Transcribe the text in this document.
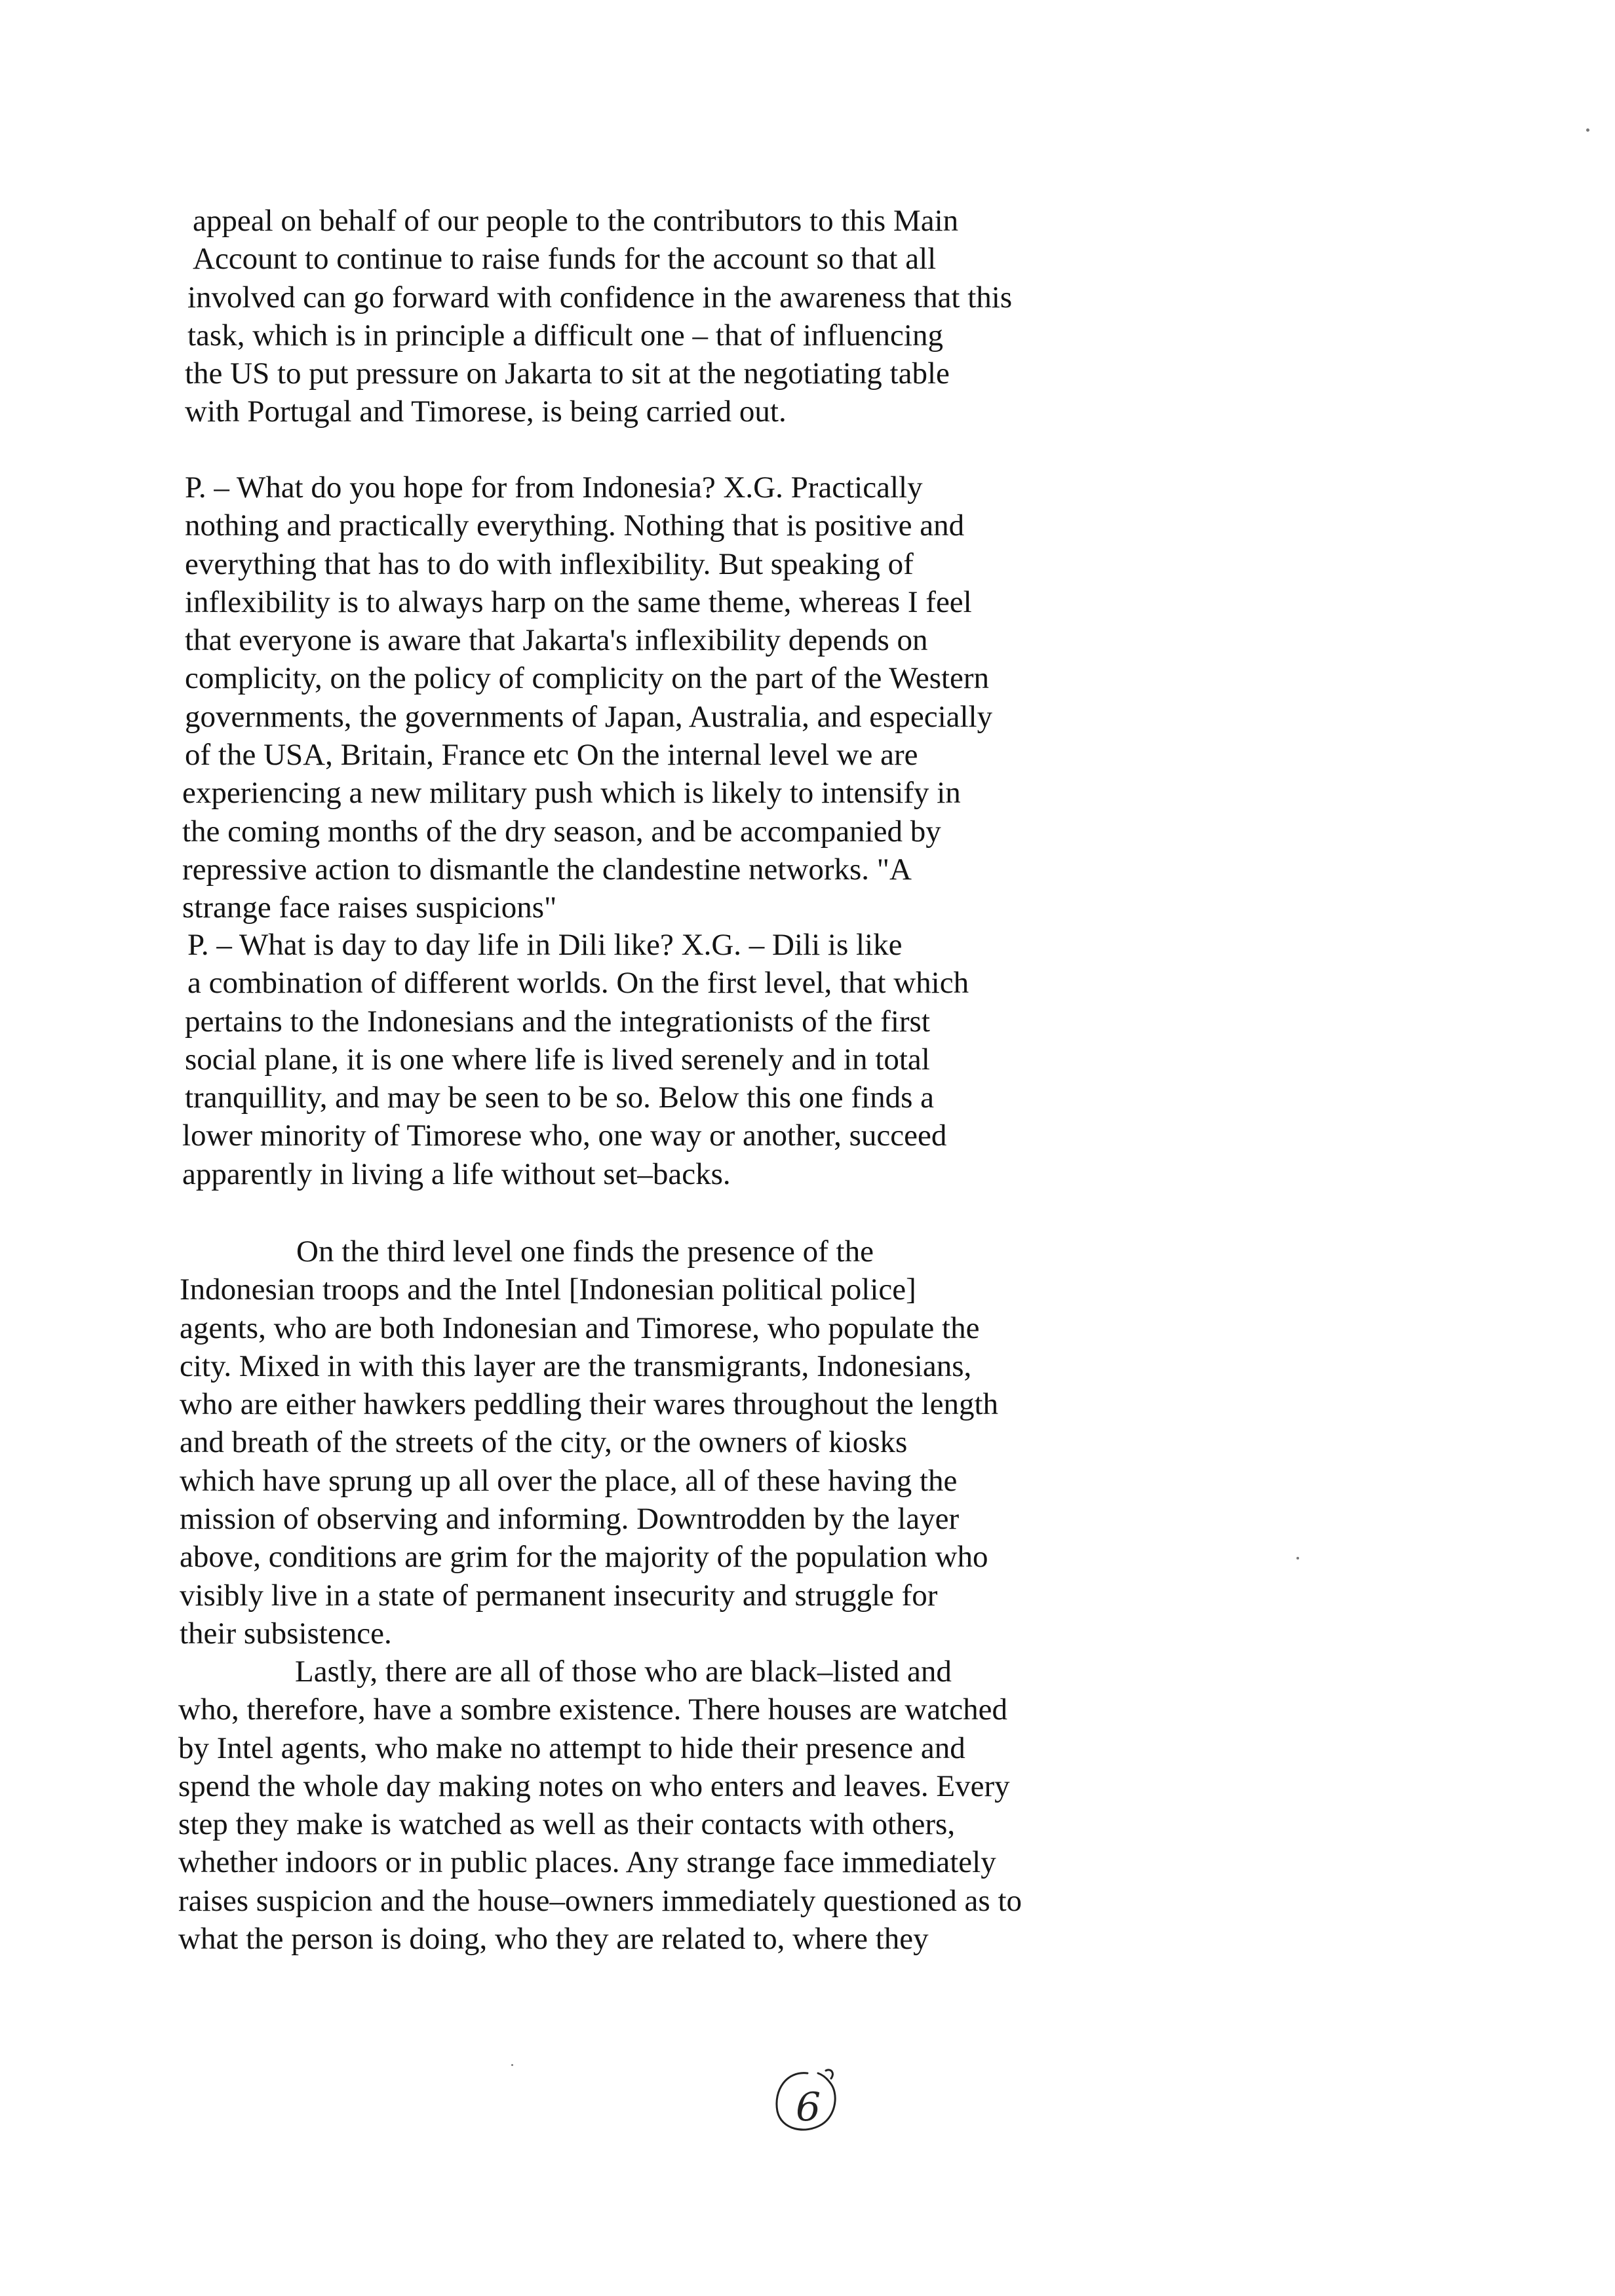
appeal on behalf of our people to the contributors to this Main
Account to continue to raise funds for the account so that all
involved can go forward with confidence in the awareness that this
task, which is in principle a difficult one – that of influencing
the US to put pressure on Jakarta to sit at the negotiating table
with Portugal and Timorese, is being carried out.

P. – What do you hope for from Indonesia? X.G. Practically
nothing and practically everything. Nothing that is positive and
everything that has to do with inflexibility. But speaking of
inflexibility is to always harp on the same theme, whereas I feel
that everyone is aware that Jakarta's inflexibility depends on
complicity, on the policy of complicity on the part of the Western
governments, the governments of Japan, Australia, and especially
of the USA, Britain, France etc On the internal level we are
experiencing a new military push which is likely to intensify in
the coming months of the dry season, and be accompanied by
repressive action to dismantle the clandestine networks. "A
strange face raises suspicions"

P. – What is day to day life in Dili like? X.G. – Dili is like
a combination of different worlds. On the first level, that which
pertains to the Indonesians and the integrationists of the first
social plane, it is one where life is lived serenely and in total
tranquillity, and may be seen to be so. Below this one finds a
lower minority of Timorese who, one way or another, succeed
apparently in living a life without set–backs.

On the third level one finds the presence of the
Indonesian troops and the Intel [Indonesian political police]
agents, who are both Indonesian and Timorese, who populate the
city. Mixed in with this layer are the transmigrants, Indonesians,
who are either hawkers peddling their wares throughout the length
and breath of the streets of the city, or the owners of kiosks
which have sprung up all over the place, all of these having the
mission of observing and informing. Downtrodden by the layer
above, conditions are grim for the majority of the population who
visibly live in a state of permanent insecurity and struggle for
their subsistence.

Lastly, there are all of those who are black–listed and
who, therefore, have a sombre existence. There houses are watched
by Intel agents, who make no attempt to hide their presence and
spend the whole day making notes on who enters and leaves. Every
step they make is watched as well as their contacts with others,
whether indoors or in public places. Any strange face immediately
raises suspicion and the house–owners immediately questioned as to
what the person is doing, who they are related to, where they

6
